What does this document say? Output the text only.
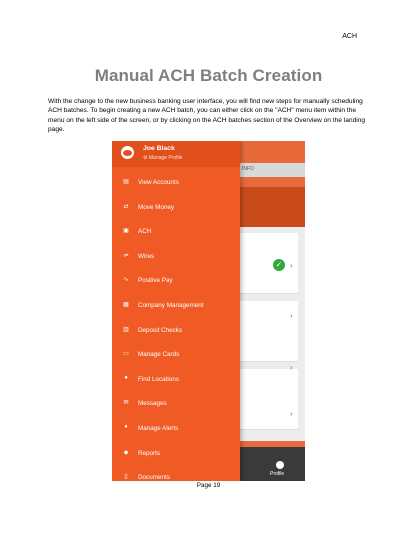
ACH
Manual ACH Batch Creation
With the change to the new business banking user interface, you will find new steps for manually scheduling ACH batches. To begin creating a new ACH batch, you can either click on the "ACH" menu item within the menu on the left side of the screen, or by clicking on the ACH batches section of the Overview on the landing page.
INFO
✓ ›
›
›
›
Profile
Joe Black
⚙ Manage Profile
▤	View Accounts
⇄	Move Money
▣	ACH
⇌	Wires
∿	Positive Pay
▦	Company Management
▥	Deposit Checks
▭	Manage Cards
●	Find Locations
✉	Messages
♦	Manage Alerts
◆	Reports
▯	Documents
Page 19
